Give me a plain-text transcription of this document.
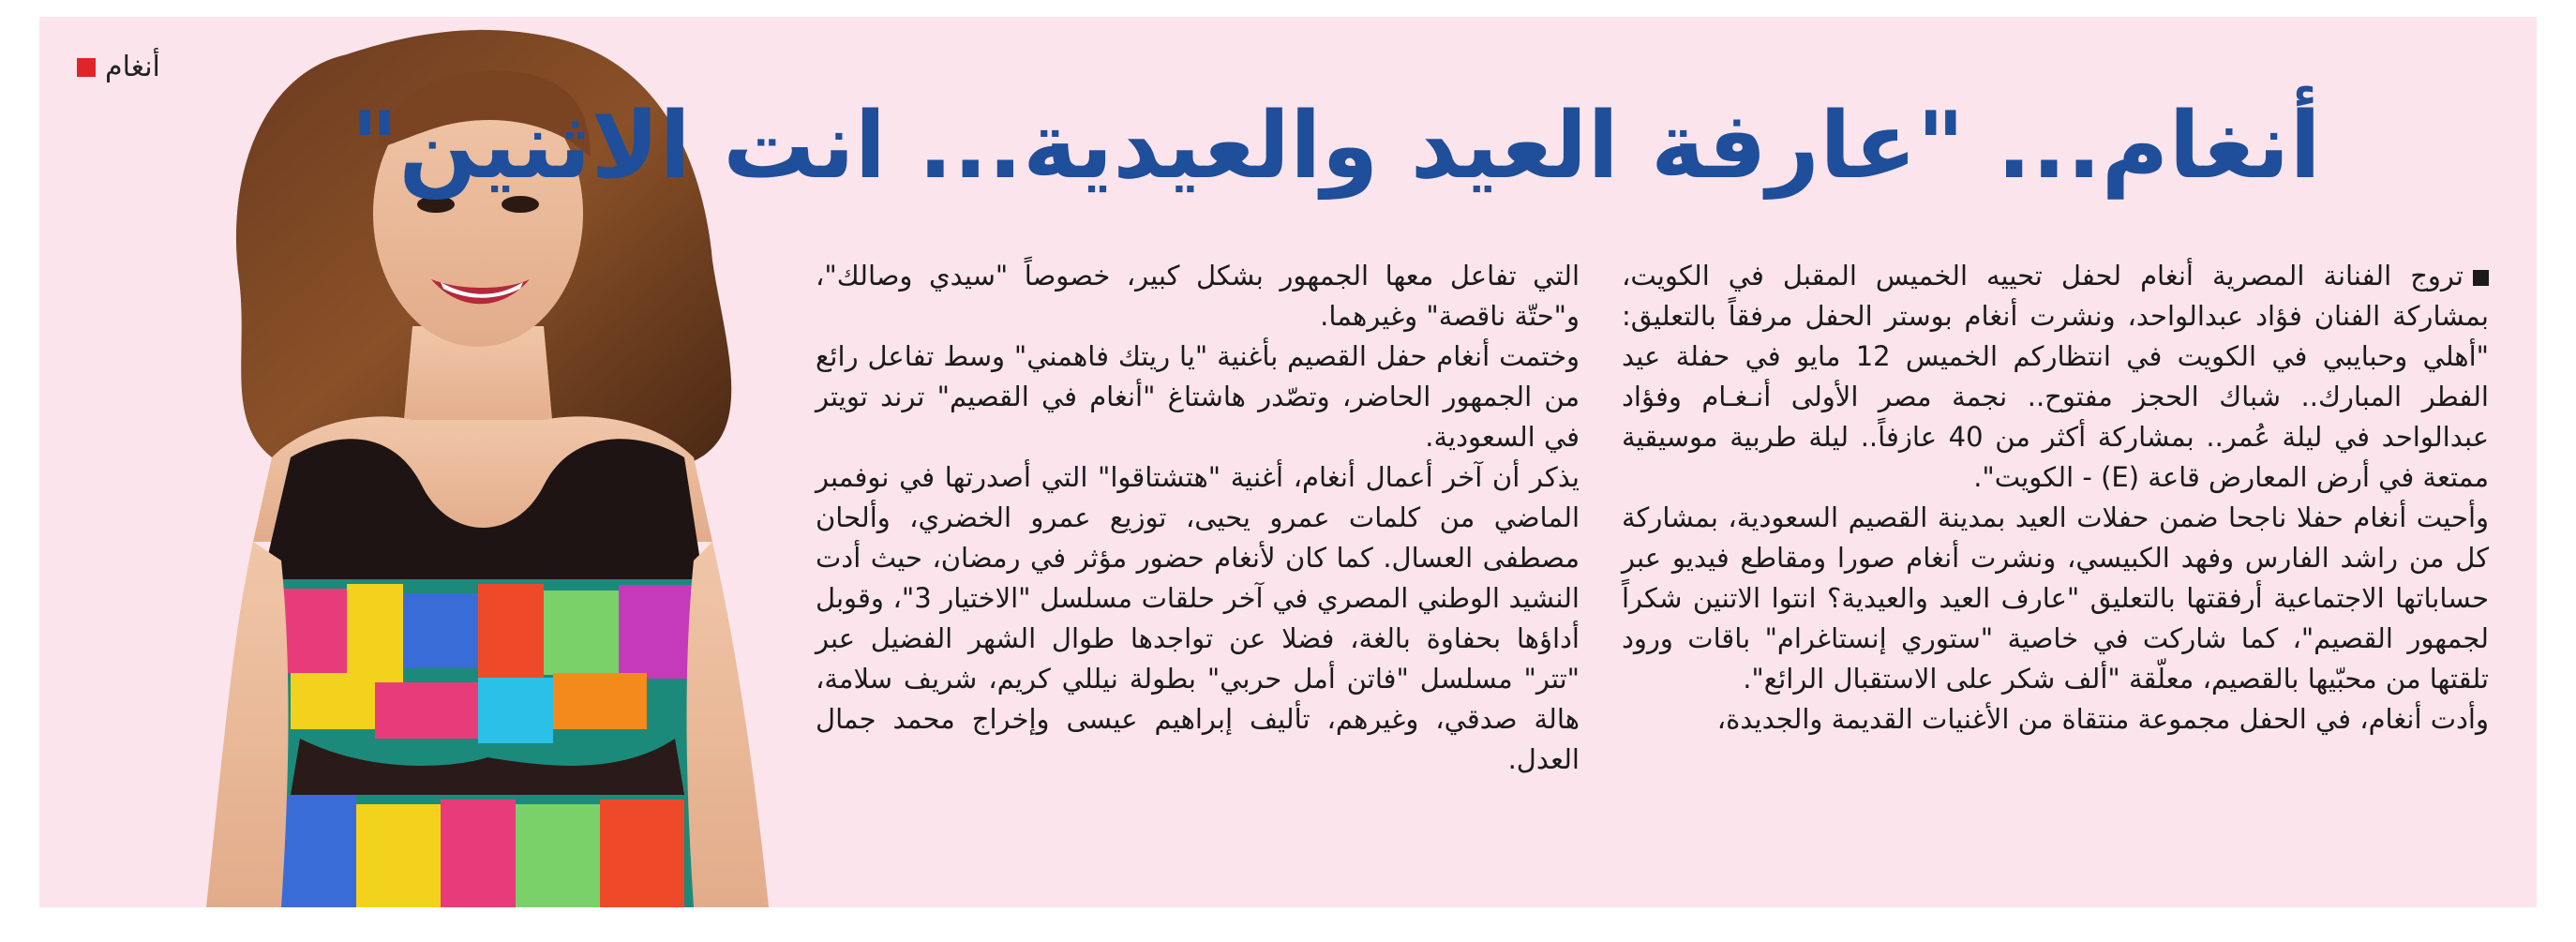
أنغام
أنغام... "عارفة العيد والعيدية... انت الاثنين"

تروج الفنانة المصرية أنغام لحفل تحييه الخميس المقبل في الكويت، بمشاركة الفنان فؤاد عبدالواحد، ونشرت أنغام بوستر الحفل مرفقاً بالتعليق: "أهلي وحبايبي في الكويت في انتظاركم الخميس 12 مايو في حفلة عيد الفطر المبارك.. شباك الحجز مفتوح.. نجمة مصر الأولى أنـغـام وفؤاد عبدالواحد في ليلة عُمر.. بمشاركة أكثر من 40 عازفاً.. ليلة طربية موسيقية ممتعة في أرض المعارض قاعة (E) - الكويت".

وأحيت أنغام حفلا ناجحا ضمن حفلات العيد بمدينة القصيم السعودية، بمشاركة كل من راشد الفارس وفهد الكبيسي، ونشرت أنغام صورا ومقاطع فيديو عبر حساباتها الاجتماعية أرفقتها بالتعليق "عارف العيد والعيدية؟ انتوا الاتنين شكراً لجمهور القصيم"، كما شاركت في خاصية "ستوري إنستاغرام" باقات ورود تلقتها من محبّيها بالقصيم، معلّقة "ألف شكر على الاستقبال الرائع".

وأدت أنغام، في الحفل مجموعة منتقاة من الأغنيات القديمة والجديدة،

التي تفاعل معها الجمهور بشكل كبير، خصوصاً "سيدي وصالك"، و"حتّة ناقصة" وغيرهما.

وختمت أنغام حفل القصيم بأغنية "يا ريتك فاهمني" وسط تفاعل رائع من الجمهور الحاضر، وتصّدر هاشتاغ "أنغام في القصيم" ترند تويتر في السعودية.

يذكر أن آخر أعمال أنغام، أغنية "هتشتاقوا" التي أصدرتها في نوفمبر الماضي من كلمات عمرو يحيى، توزيع عمرو الخضري، وألحان مصطفى العسال. كما كان لأنغام حضور مؤثر في رمضان، حيث أدت النشيد الوطني المصري في آخر حلقات مسلسل "الاختيار 3"، وقوبل أداؤها بحفاوة بالغة، فضلا عن تواجدها طوال الشهر الفضيل عبر "تتر" مسلسل "فاتن أمل حربي" بطولة نيللي كريم، شريف سلامة، هالة صدقي، وغيرهم، تأليف إبراهيم عيسى وإخراج محمد جمال العدل.
